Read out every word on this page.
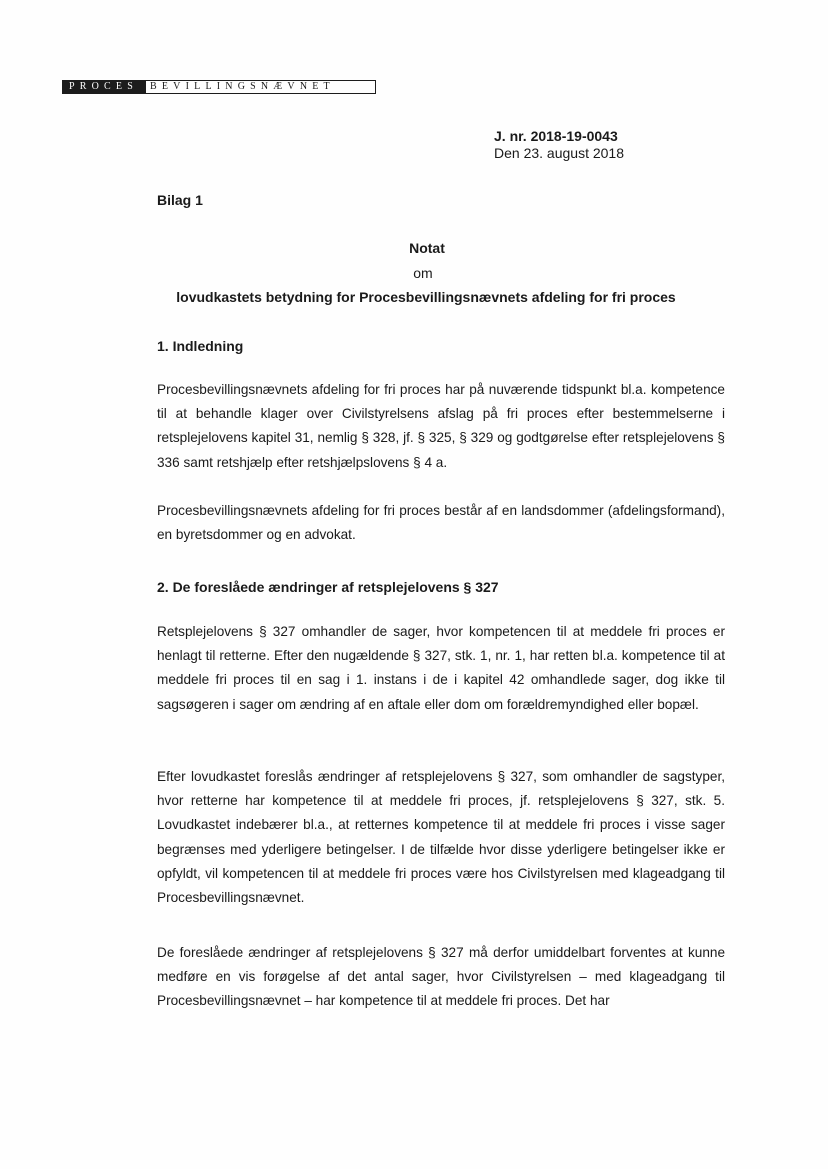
PROCES	BEVILLINGSNÆVNET
J. nr. 2018-19-0043
Den 23. august 2018
Bilag 1
Notat
om
lovudkastets betydning for Procesbevillingsnævnets afdeling for fri proces
1. Indledning
Procesbevillingsnævnets afdeling for fri proces har på nuværende tidspunkt bl.a. kompetence til at behandle klager over Civilstyrelsens afslag på fri proces efter bestemmelserne i retsplejelovens kapitel 31, nemlig § 328, jf. § 325, § 329 og godtgørelse efter retsplejelovens § 336 samt retshjælp efter retshjælpslovens § 4 a.
Procesbevillingsnævnets afdeling for fri proces består af en landsdommer (afdelingsformand), en byretsdommer og en advokat.
2. De foreslåede ændringer af retsplejelovens § 327
Retsplejelovens § 327 omhandler de sager, hvor kompetencen til at meddele fri proces er henlagt til retterne. Efter den nugældende § 327, stk. 1, nr. 1, har retten bl.a. kompetence til at meddele fri proces til en sag i 1. instans i de i kapitel 42 omhandlede sager, dog ikke til sagsøgeren i sager om ændring af en aftale eller dom om forældremyndighed eller bopæl.
Efter lovudkastet foreslås ændringer af retsplejelovens § 327, som omhandler de sagstyper, hvor retterne har kompetence til at meddele fri proces, jf. retsplejelovens § 327, stk. 5. Lovudkastet indebærer bl.a., at retternes kompetence til at meddele fri proces i visse sager begrænses med yderligere betingelser. I de tilfælde hvor disse yderligere betingelser ikke er opfyldt, vil kompetencen til at meddele fri proces være hos Civilstyrelsen med klageadgang til Procesbevillingsnævnet.
De foreslåede ændringer af retsplejelovens § 327 må derfor umiddelbart forventes at kunne medføre en vis forøgelse af det antal sager, hvor Civilstyrelsen – med klageadgang til Procesbevillingsnævnet – har kompetence til at meddele fri proces. Det har
